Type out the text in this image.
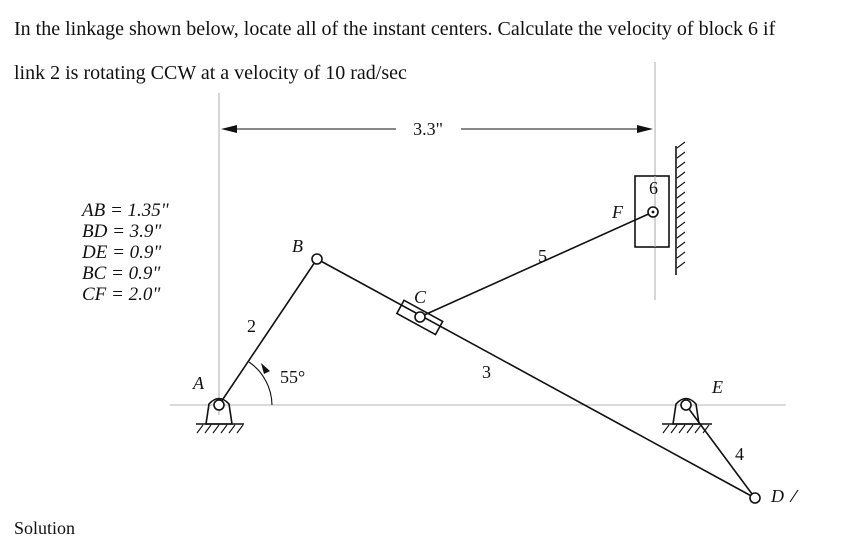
In the linkage shown below, locate all of the instant centers. Calculate the velocity of block 6 if
link 2 is rotating CCW at a velocity of 10 rad/sec

AB = 1.35"
BD = 3.9"
DE = 0.9"
BC = 0.9"
CF = 2.0"
3.3"
55°
A
B
C
D
E
F
2
3
4
5
6
Solution
